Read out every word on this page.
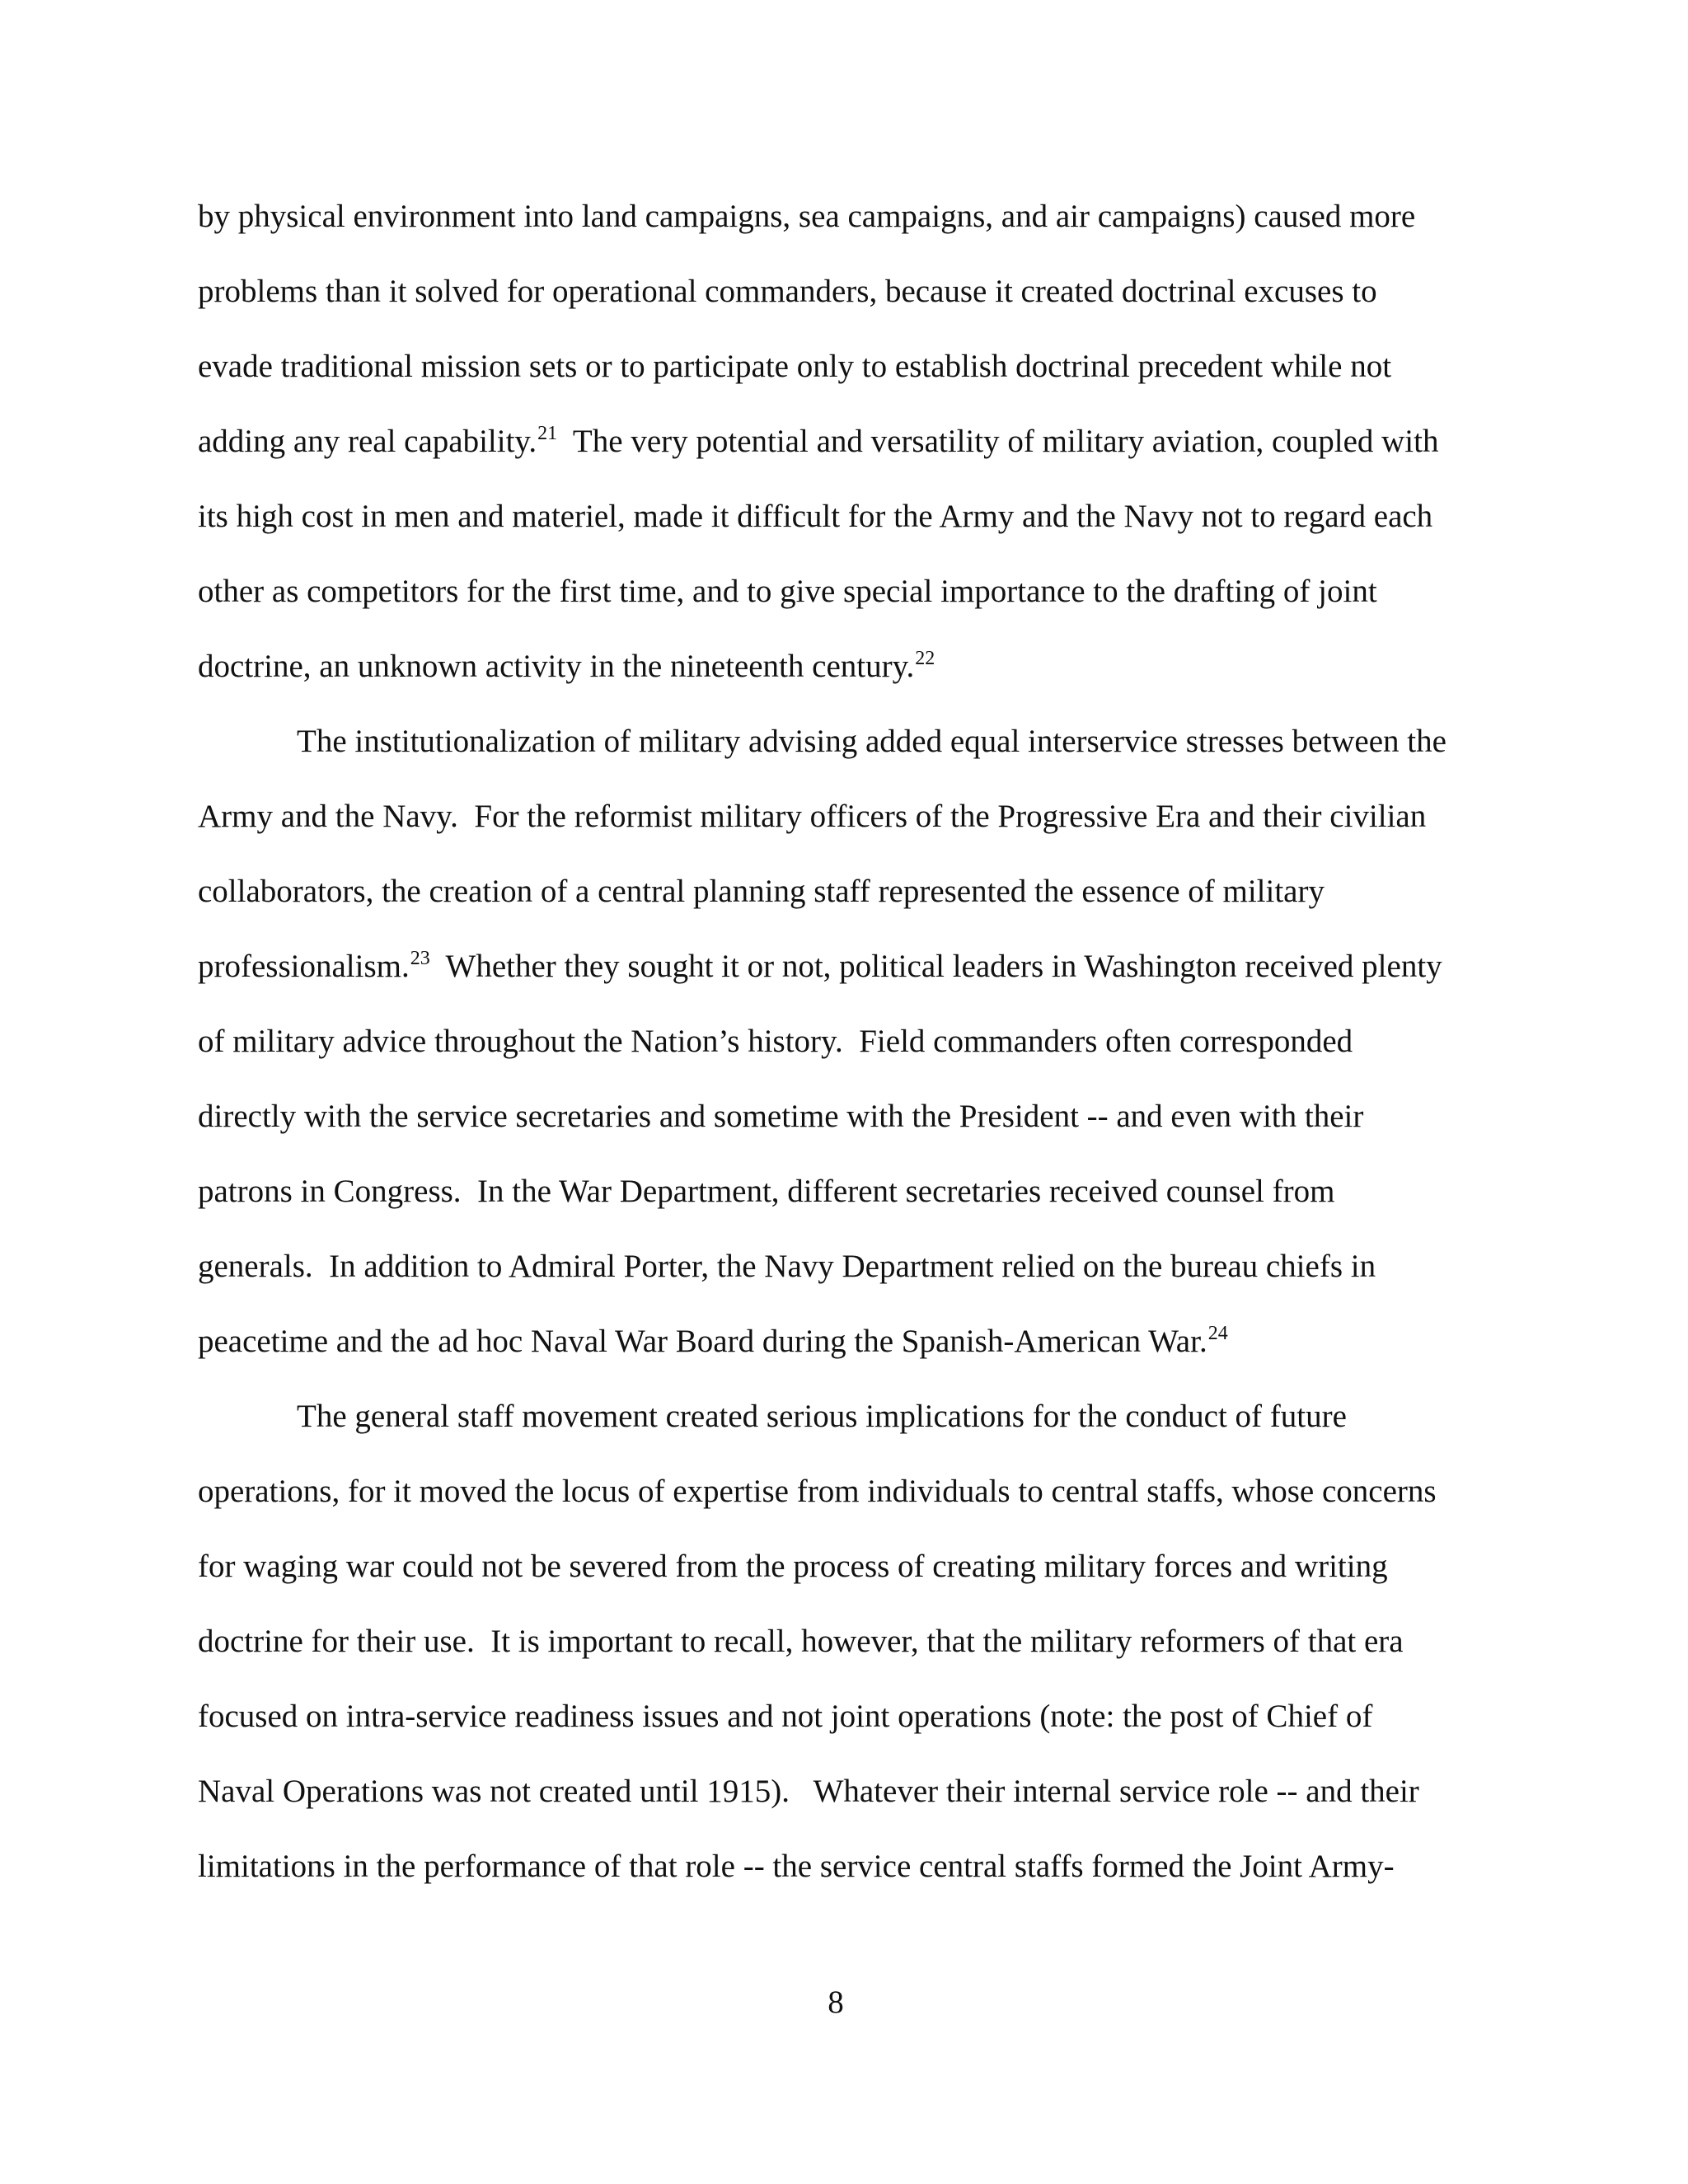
by physical environment into land campaigns, sea campaigns, and air campaigns) caused more
problems than it solved for operational commanders, because it created doctrinal excuses to
evade traditional mission sets or to participate only to establish doctrinal precedent while not
adding any real capability.$^{21}$  The very potential and versatility of military aviation, coupled with
its high cost in men and materiel, made it difficult for the Army and the Navy not to regard each
other as competitors for the first time, and to give special importance to the drafting of joint
doctrine, an unknown activity in the nineteenth century.$^{22}$
The institutionalization of military advising added equal interservice stresses between the
Army and the Navy.  For the reformist military officers of the Progressive Era and their civilian
collaborators, the creation of a central planning staff represented the essence of military
professionalism.$^{23}$  Whether they sought it or not, political leaders in Washington received plenty
of military advice throughout the Nation’s history.  Field commanders often corresponded
directly with the service secretaries and sometime with the President -- and even with their
patrons in Congress.  In the War Department, different secretaries received counsel from
generals.  In addition to Admiral Porter, the Navy Department relied on the bureau chiefs in
peacetime and the ad hoc Naval War Board during the Spanish-American War.$^{24}$
The general staff movement created serious implications for the conduct of future
operations, for it moved the locus of expertise from individuals to central staffs, whose concerns
for waging war could not be severed from the process of creating military forces and writing
doctrine for their use.  It is important to recall, however, that the military reformers of that era
focused on intra-service readiness issues and not joint operations (note: the post of Chief of
Naval Operations was not created until 1915).   Whatever their internal service role -- and their
limitations in the performance of that role -- the service central staffs formed the Joint Army-
8
